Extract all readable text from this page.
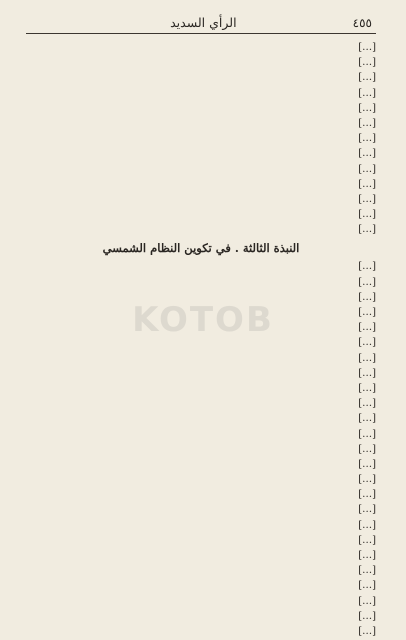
٤٥٥
الرأي السديد
[…]
[…]
[…]
[…]
[…]
[…]
[…]
[…]
[…]
[…]
[…]
[…]
[…]
النبذة الثالثة . في تكوين النظام الشمسي
[…]
[…]
[…]
[…]
[…]
[…]
[…]
[…]
[…]
[…]
[…]
[…]
[…]
[…]
[…]
[…]
[…]
[…]
[…]
[…]
[…]
[…]
[…]
[…]
[…]
KOTOB
